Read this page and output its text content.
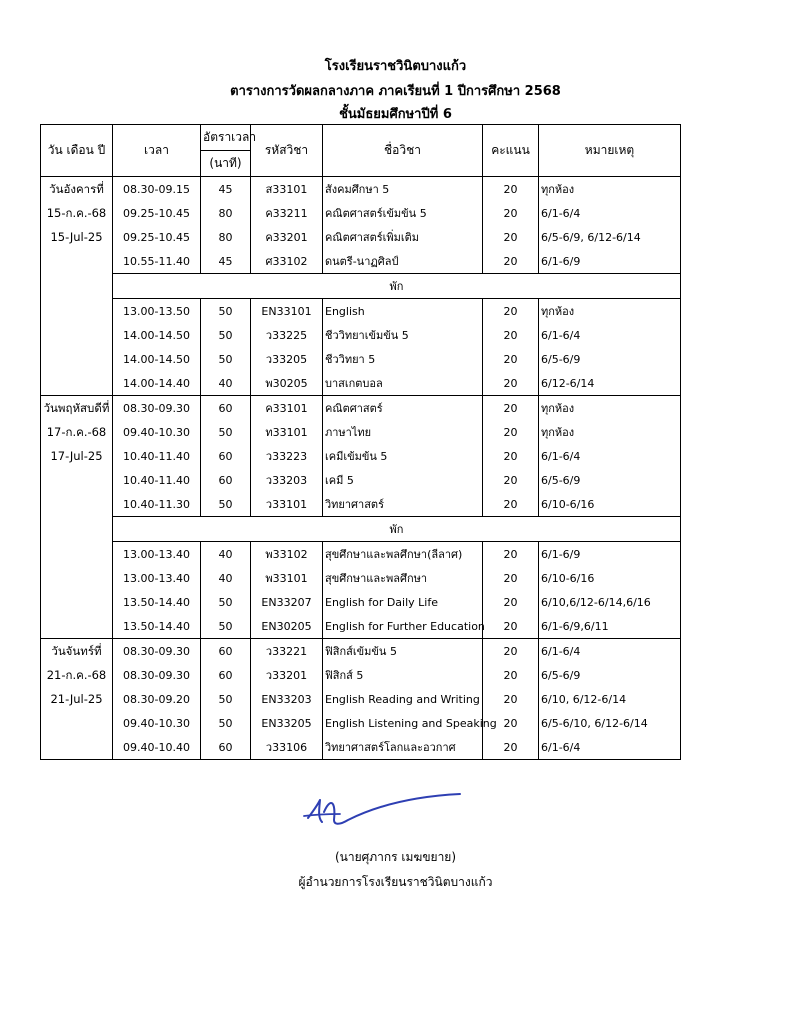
โรงเรียนราชวินิตบางแก้ว
ตารางการวัดผลกลางภาค ภาคเรียนที่ 1 ปีการศึกษา 2568
ชั้นมัธยมศึกษาปีที่ 6
วัน เดือน ปี	เวลา	อัตราเวลา	รหัสวิชา	ชื่อวิชา	คะแนน	หมายเหตุ
		(นาที)				

วันอังคารที่
15-ก.ค.-68
15-Jul-25	08.30-09.15	45	ส33101	สังคมศึกษา 5	20	ทุกห้อง
	09.25-10.45	80	ค33211	คณิตศาสตร์เข้มข้น 5	20	6/1-6/4
	09.25-10.45	80	ค33201	คณิตศาสตร์เพิ่มเติม	20	6/5-6/9, 6/12-6/14
	10.55-11.40	45	ศ33102	ดนตรี-นาฏศิลป์	20	6/1-6/9
	พัก					
	13.00-13.50	50	EN33101	English	20	ทุกห้อง
	14.00-14.50	50	ว33225	ชีววิทยาเข้มข้น 5	20	6/1-6/4
	14.00-14.50	50	ว33205	ชีววิทยา 5	20	6/5-6/9
	14.00-14.40	40	พ30205	บาสเกตบอล	20	6/12-6/14

วันพฤหัสบดีที่
17-ก.ค.-68
17-Jul-25	08.30-09.30	60	ค33101	คณิตศาสตร์	20	ทุกห้อง
	09.40-10.30	50	ท33101	ภาษาไทย	20	ทุกห้อง
	10.40-11.40	60	ว33223	เคมีเข้มข้น 5	20	6/1-6/4
	10.40-11.40	60	ว33203	เคมี 5	20	6/5-6/9
	10.40-11.30	50	ว33101	วิทยาศาสตร์	20	6/10-6/16
	พัก					
	13.00-13.40	40	พ33102	สุขศึกษาและพลศึกษา(ลีลาศ)	20	6/1-6/9
	13.00-13.40	40	พ33101	สุขศึกษาและพลศึกษา	20	6/10-6/16
	13.50-14.40	50	EN33207	English for Daily Life	20	6/10,6/12-6/14,6/16
	13.50-14.40	50	EN30205	English for Further Education	20	6/1-6/9,6/11

วันจันทร์ที่
21-ก.ค.-68
21-Jul-25	08.30-09.30	60	ว33221	ฟิสิกส์เข้มข้น 5	20	6/1-6/4
	08.30-09.30	60	ว33201	ฟิสิกส์ 5	20	6/5-6/9
	08.30-09.20	50	EN33203	English Reading and Writing	20	6/10, 6/12-6/14
	09.40-10.30	50	EN33205	English Listening and Speaking	20	6/5-6/10, 6/12-6/14
	09.40-10.40	60	ว33106	วิทยาศาสตร์โลกและอวกาศ	20	6/1-6/4
(นายศุภากร เมฆขยาย)
ผู้อำนวยการโรงเรียนราชวินิตบางแก้ว
